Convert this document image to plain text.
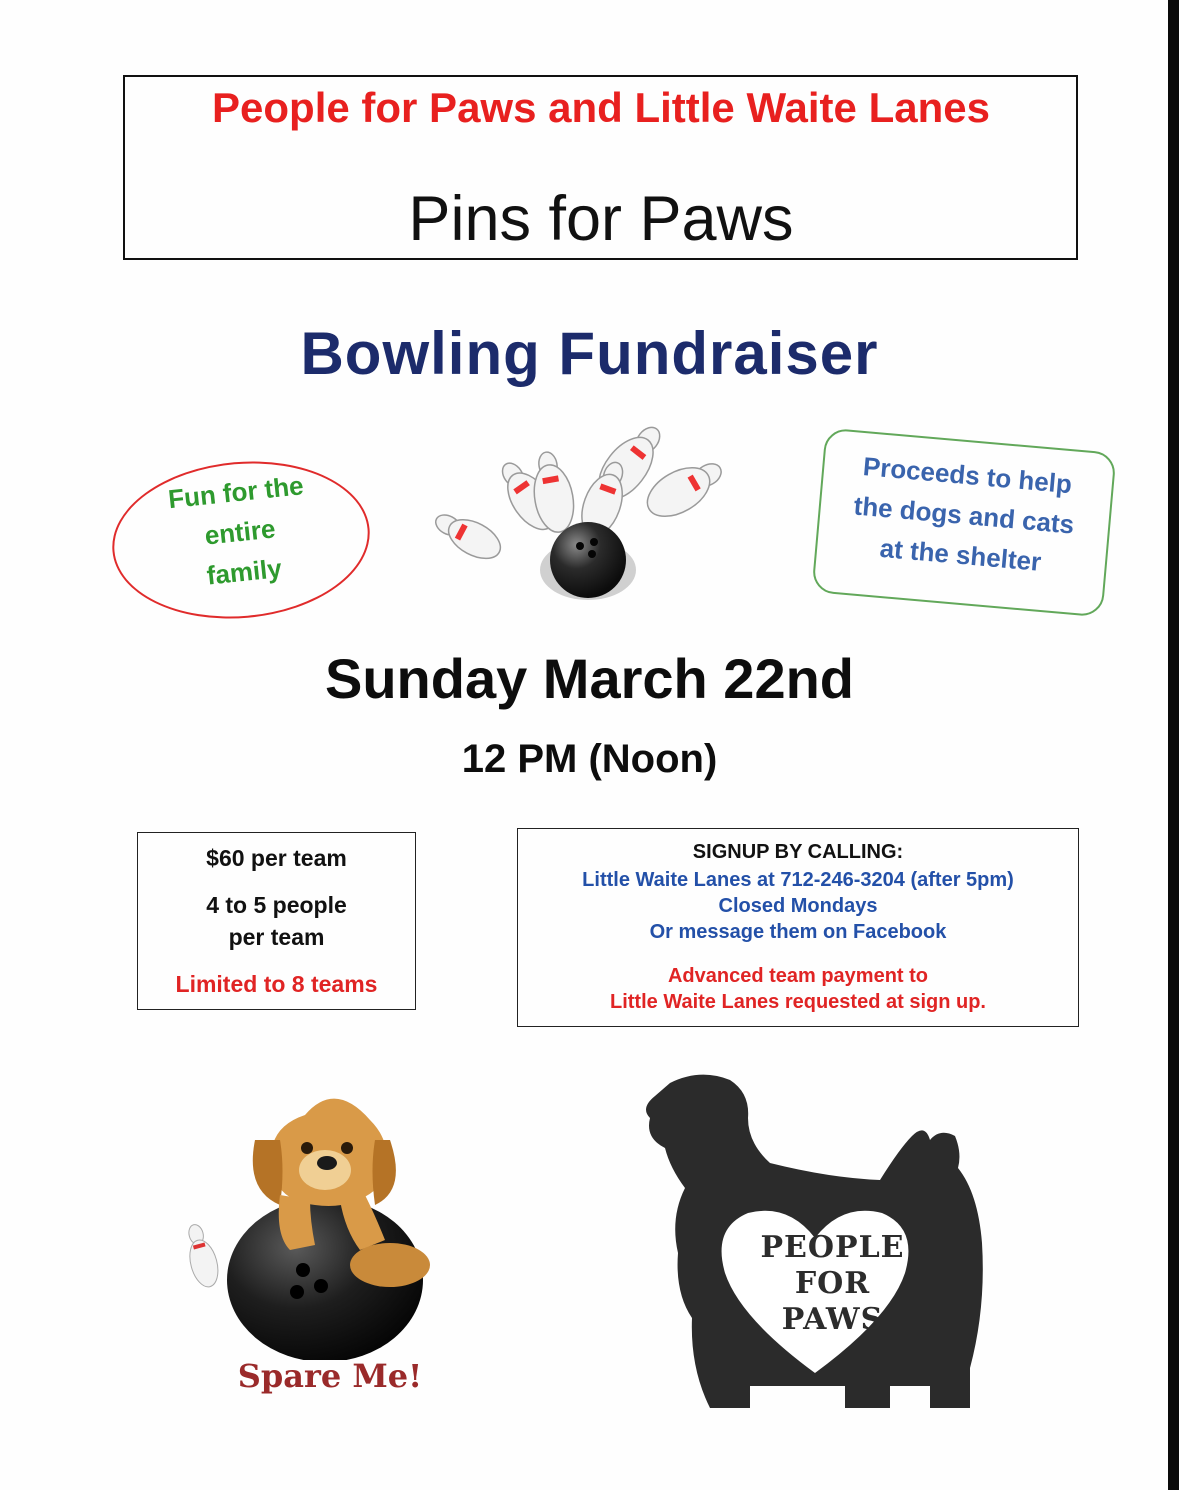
People for Paws and Little Waite Lanes
Pins for Paws
Bowling Fundraiser
Fun for the
entire
family
Proceeds to help
the dogs and cats
at the shelter
Sunday March 22nd
12 PM (Noon)
$60 per team
4 to 5 people
per team
Limited to 8 teams
SIGNUP BY CALLING:
Little Waite Lanes at 712-246-3204 (after 5pm)
Closed Mondays
Or message them on Facebook
Advanced team payment to
Little Waite Lanes requested at sign up.
Spare Me!
PEOPLE
FOR
PAWS
